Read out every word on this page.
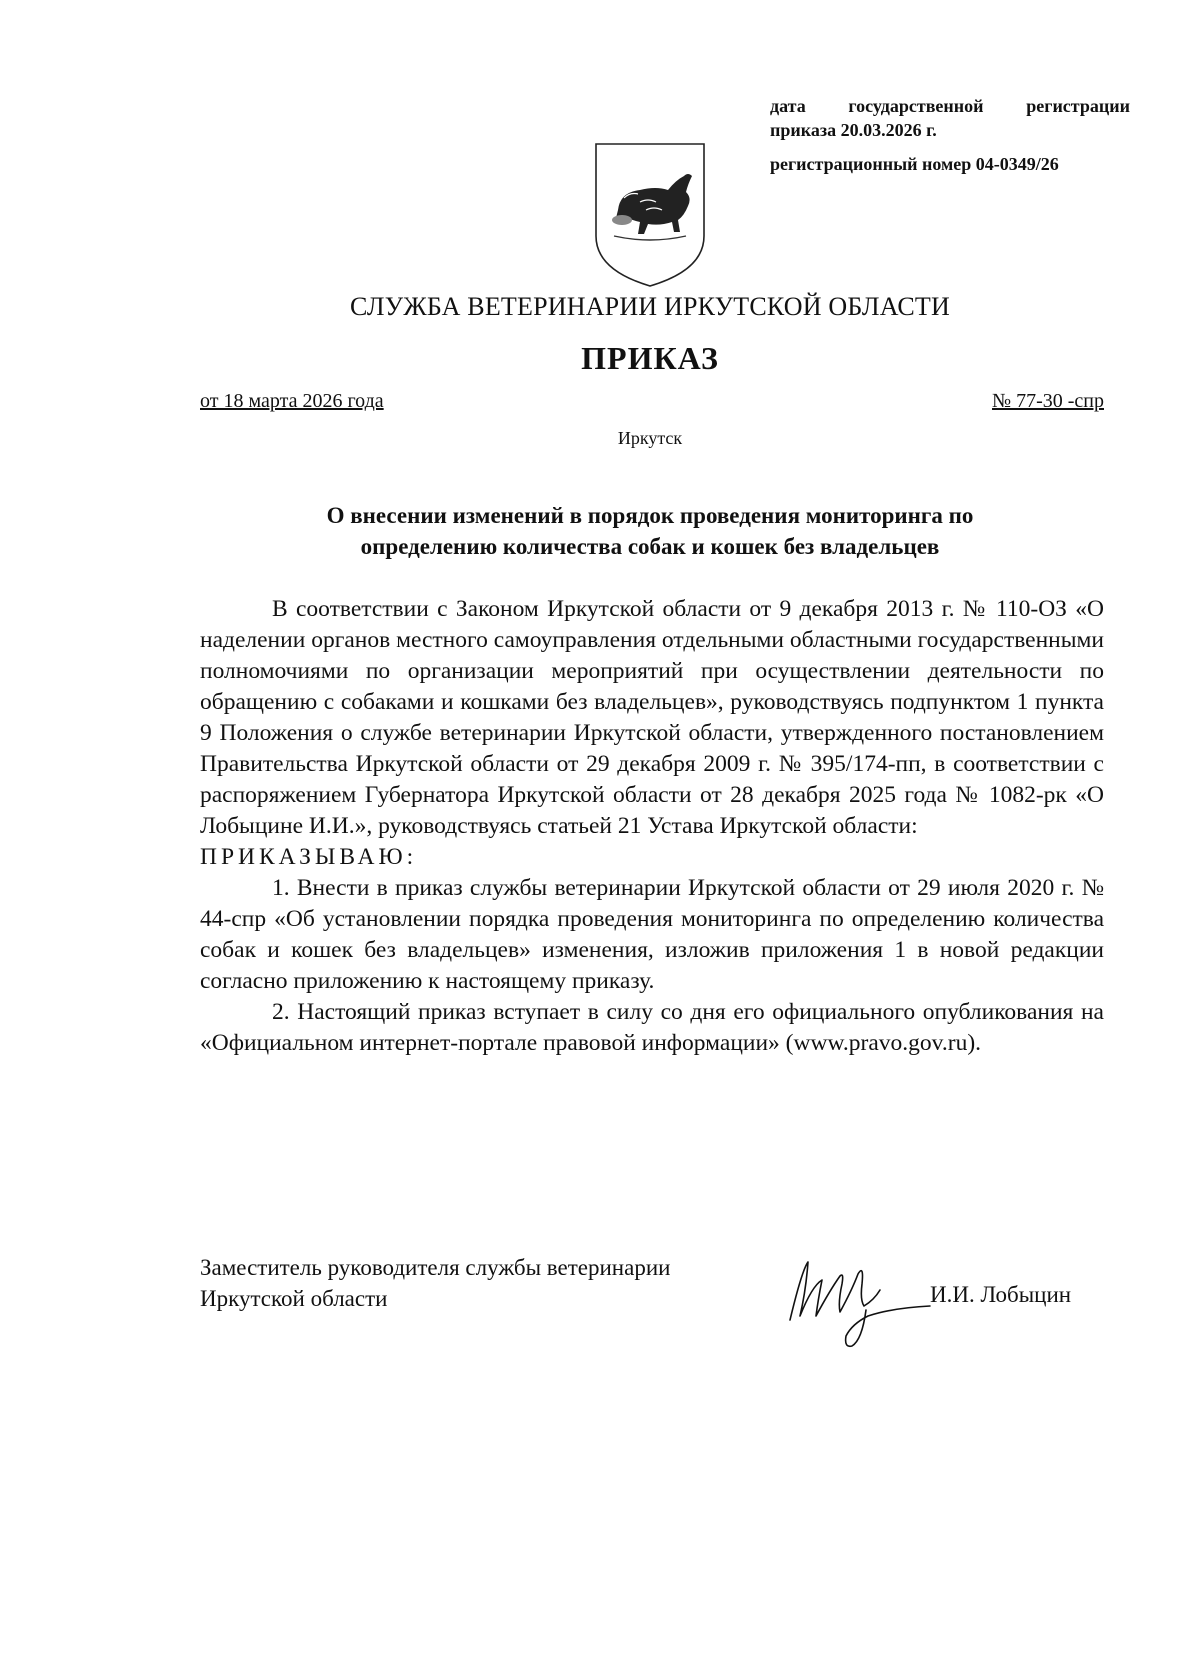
дата государственной регистрации
приказа 20.03.2026 г.
регистрационный номер 04-0349/26
СЛУЖБА ВЕТЕРИНАРИИ ИРКУТСКОЙ ОБЛАСТИ
ПРИКАЗ
от 18 марта 2026 года	№ 77-30 -спр
Иркутск
О внесении изменений в порядок проведения мониторинга по
определению количества собак и кошек без владельцев

В соответствии с Законом Иркутской области от 9 декабря 2013 г. № 110-ОЗ «О наделении органов местного самоуправления отдельными областными государственными полномочиями по организации мероприятий при осуществлении деятельности по обращению с собаками и кошками без владельцев», руководствуясь подпунктом 1 пункта 9 Положения о службе ветеринарии Иркутской области, утвержденного постановлением Правительства Иркутской области от 29 декабря 2009 г. № 395/174-пп, в соответствии с распоряжением Губернатора Иркутской области от 28 декабря 2025 года № 1082-рк «О Лобыцине И.И.», руководствуясь статьей 21 Устава Иркутской области:

ПРИКАЗЫВАЮ:

1. Внести в приказ службы ветеринарии Иркутской области от 29 июля 2020 г. № 44-спр «Об установлении порядка проведения мониторинга по определению количества собак и кошек без владельцев» изменения, изложив приложения 1 в новой редакции согласно приложению к настоящему приказу.

2. Настоящий приказ вступает в силу со дня его официального опубликования на «Официальном интернет-портале правовой информации» (www.pravo.gov.ru).

Заместитель руководителя службы ветеринарии
Иркутской области	И.И. Лобыцин
